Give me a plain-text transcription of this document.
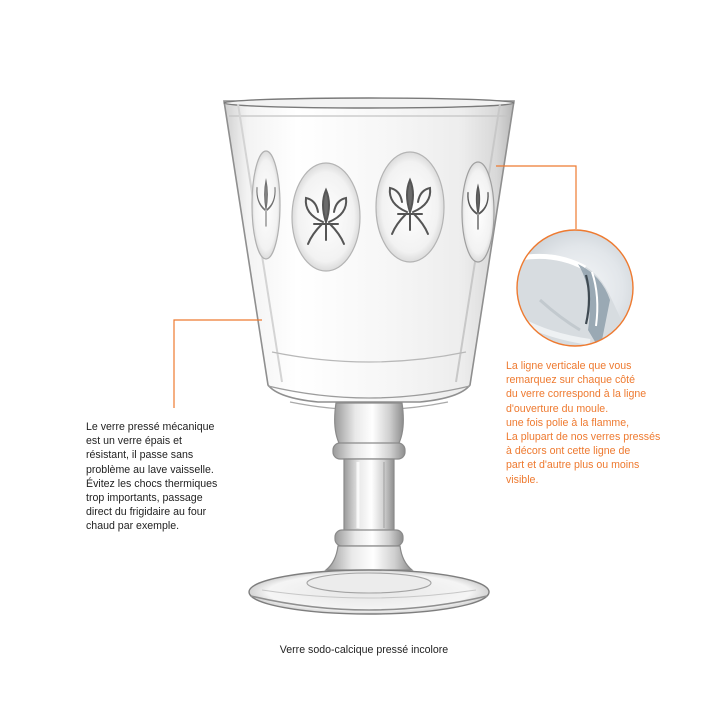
Le verre pressé mécanique
est un verre épais et
résistant, il passe sans
problème au lave vaisselle.
Évitez les chocs thermiques
trop importants, passage
direct du frigidaire au four
chaud par exemple.
La ligne verticale que vous
remarquez sur chaque côté
du verre correspond à la ligne
d'ouverture du moule.
une fois polie à la flamme,
La plupart de nos verres pressés
à décors ont cette ligne de
part et d'autre plus ou moins
visible.
Verre sodo-calcique pressé incolore
